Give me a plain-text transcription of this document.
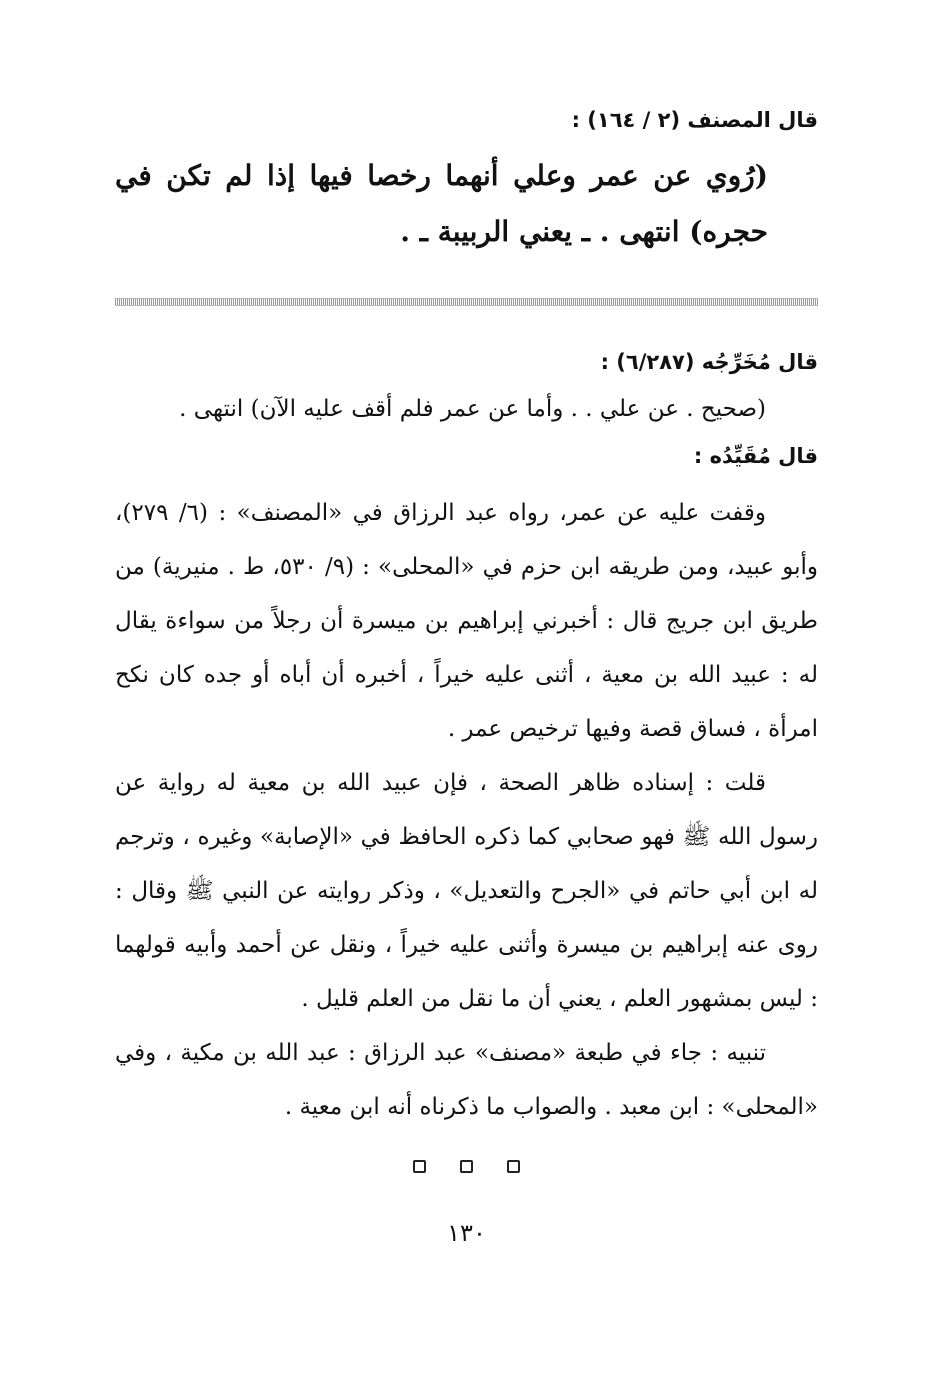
قال المصنف (٢ / ١٦٤) :

(رُوي عن عمر وعلي أنهما رخصا فيها إذا لم تكن في حجره) انتهى . ـ يعني الربيبة ـ .

قال مُخَرِّجُه (٦/٢٨٧) :

(صحيح . عن علي . . وأما عن عمر فلم أقف عليه الآن) انتهى .

قال مُقَيِّدُه :

وقفت عليه عن عمر، رواه عبد الرزاق في «المصنف» : (٦/ ٢٧٩)، وأبو عبيد، ومن طريقه ابن حزم في «المحلى» : (٩/ ٥٣٠، ط . منيرية) من طريق ابن جريج قال : أخبرني إبراهيم بن ميسرة أن رجلاً من سواءة يقال له : عبيد الله بن معية ، أثنى عليه خيراً ، أخبره أن أباه أو جده كان نكح امرأة ، فساق قصة وفيها ترخيص عمر .

قلت : إسناده ظاهر الصحة ، فإن عبيد الله بن معية له رواية عن رسول الله ﷺ فهو صحابي كما ذكره الحافظ في «الإصابة» وغيره ، وترجم له ابن أبي حاتم في «الجرح والتعديل» ، وذكر روايته عن النبي ﷺ وقال : روى عنه إبراهيم بن ميسرة وأثنى عليه خيراً ، ونقل عن أحمد وأبيه قولهما : ليس بمشهور العلم ، يعني أن ما نقل من العلم قليل .

تنبيه : جاء في طبعة «مصنف» عبد الرزاق : عبد الله بن مكية ، وفي «المحلى» : ابن معبد . والصواب ما ذكرناه أنه ابن معية .

١٣٠
